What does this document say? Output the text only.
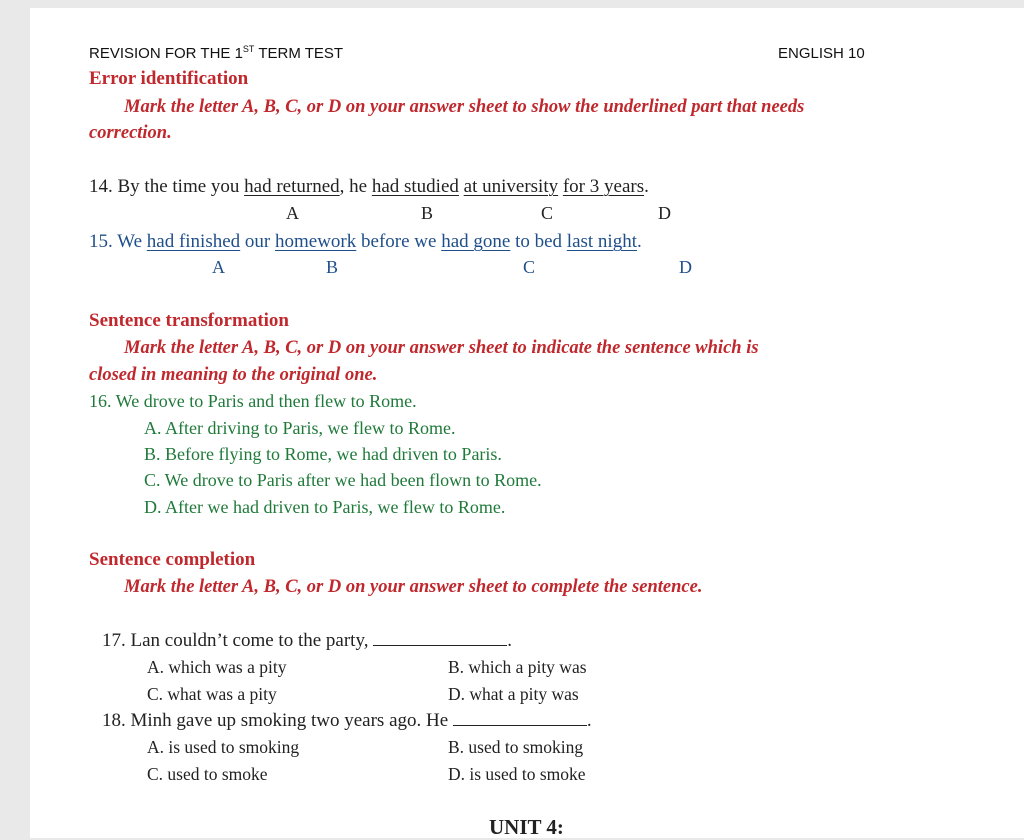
REVISION FOR THE 1ST TERM TEST	ENGLISH 10
Error identification
Mark the letter A, B, C, or D on your answer sheet to show the underlined part that needs
correction.
14. By the time you had returned, he had studied at university for 3 years.
A	B	C	D
15. We had finished our homework before we had gone to bed last night.
A	B	C	D
Sentence transformation
Mark the letter A, B, C, or D on your answer sheet to indicate the sentence which is
closed in meaning to the original one.
16. We drove to Paris and then flew to Rome.
A. After driving to Paris, we flew to Rome.
B. Before flying to Rome, we had driven to Paris.
C. We drove to Paris after we had been flown to Rome.
D. After we had driven to Paris, we flew to Rome.
Sentence completion
Mark the letter A, B, C, or D on your answer sheet to complete the sentence.
17. Lan couldn’t come to the party,	.
A. which was a pity	B. which a pity was
C. what was a pity	D. what a pity was
18. Minh gave up smoking two years ago. He	.
A. is used to smoking	B. used to smoking
C. used to smoke	D. is used to smoke
UNIT 4:
